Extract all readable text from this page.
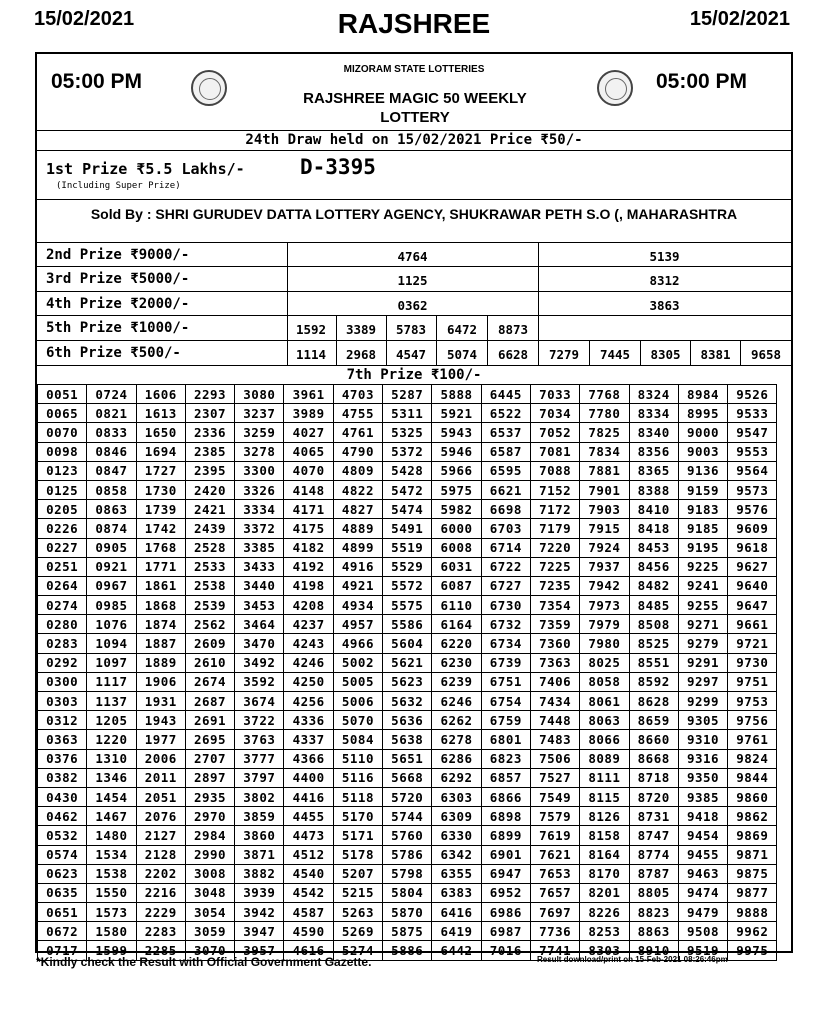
15/02/2021	RAJSHREE	15/02/2021
05:00 PM
MIZORAM STATE LOTTERIES
RAJSHREE MAGIC 50 WEEKLY LOTTERY
05:00 PM
24th Draw held on 15/02/2021 Price ₹50/-
1st Prize ₹5.5 Lakhs/-	D-3395
(Including Super Prize)
Sold By : SHRI GURUDEV DATTA LOTTERY AGENCY, SHUKRAWAR PETH S.O (, MAHARASHTRA
2nd Prize ₹9000/-	4764	5139
3rd Prize ₹5000/-	1125	8312
4th Prize ₹2000/-	0362	3863
5th Prize ₹1000/-	1592	3389	5783	6472	8873
6th Prize ₹500/-	1114	2968	4547	5074	6628	7279	7445	8305	8381	9658
7th Prize ₹100/-
0051	0724	1606	2293	3080	3961	4703	5287	5888	6445	7033	7768	8324	8984	9526
0065	0821	1613	2307	3237	3989	4755	5311	5921	6522	7034	7780	8334	8995	9533
0070	0833	1650	2336	3259	4027	4761	5325	5943	6537	7052	7825	8340	9000	9547
0098	0846	1694	2385	3278	4065	4790	5372	5946	6587	7081	7834	8356	9003	9553
0123	0847	1727	2395	3300	4070	4809	5428	5966	6595	7088	7881	8365	9136	9564
0125	0858	1730	2420	3326	4148	4822	5472	5975	6621	7152	7901	8388	9159	9573
0205	0863	1739	2421	3334	4171	4827	5474	5982	6698	7172	7903	8410	9183	9576
0226	0874	1742	2439	3372	4175	4889	5491	6000	6703	7179	7915	8418	9185	9609
0227	0905	1768	2528	3385	4182	4899	5519	6008	6714	7220	7924	8453	9195	9618
0251	0921	1771	2533	3433	4192	4916	5529	6031	6722	7225	7937	8456	9225	9627
0264	0967	1861	2538	3440	4198	4921	5572	6087	6727	7235	7942	8482	9241	9640
0274	0985	1868	2539	3453	4208	4934	5575	6110	6730	7354	7973	8485	9255	9647
0280	1076	1874	2562	3464	4237	4957	5586	6164	6732	7359	7979	8508	9271	9661
0283	1094	1887	2609	3470	4243	4966	5604	6220	6734	7360	7980	8525	9279	9721
0292	1097	1889	2610	3492	4246	5002	5621	6230	6739	7363	8025	8551	9291	9730
0300	1117	1906	2674	3592	4250	5005	5623	6239	6751	7406	8058	8592	9297	9751
0303	1137	1931	2687	3674	4256	5006	5632	6246	6754	7434	8061	8628	9299	9753
0312	1205	1943	2691	3722	4336	5070	5636	6262	6759	7448	8063	8659	9305	9756
0363	1220	1977	2695	3763	4337	5084	5638	6278	6801	7483	8066	8660	9310	9761
0376	1310	2006	2707	3777	4366	5110	5651	6286	6823	7506	8089	8668	9316	9824
0382	1346	2011	2897	3797	4400	5116	5668	6292	6857	7527	8111	8718	9350	9844
0430	1454	2051	2935	3802	4416	5118	5720	6303	6866	7549	8115	8720	9385	9860
0462	1467	2076	2970	3859	4455	5170	5744	6309	6898	7579	8126	8731	9418	9862
0532	1480	2127	2984	3860	4473	5171	5760	6330	6899	7619	8158	8747	9454	9869
0574	1534	2128	2990	3871	4512	5178	5786	6342	6901	7621	8164	8774	9455	9871
0623	1538	2202	3008	3882	4540	5207	5798	6355	6947	7653	8170	8787	9463	9875
0635	1550	2216	3048	3939	4542	5215	5804	6383	6952	7657	8201	8805	9474	9877
0651	1573	2229	3054	3942	4587	5263	5870	6416	6986	7697	8226	8823	9479	9888
0672	1580	2283	3059	3947	4590	5269	5875	6419	6987	7736	8253	8863	9508	9962
0717	1599	2285	3070	3957	4616	5274	5886	6442	7016	7741	8303	8910	9519	9975
*Kindly check the Result with Official Government Gazette.	Result download/print on 15-Feb-2021 08:26:46pm
